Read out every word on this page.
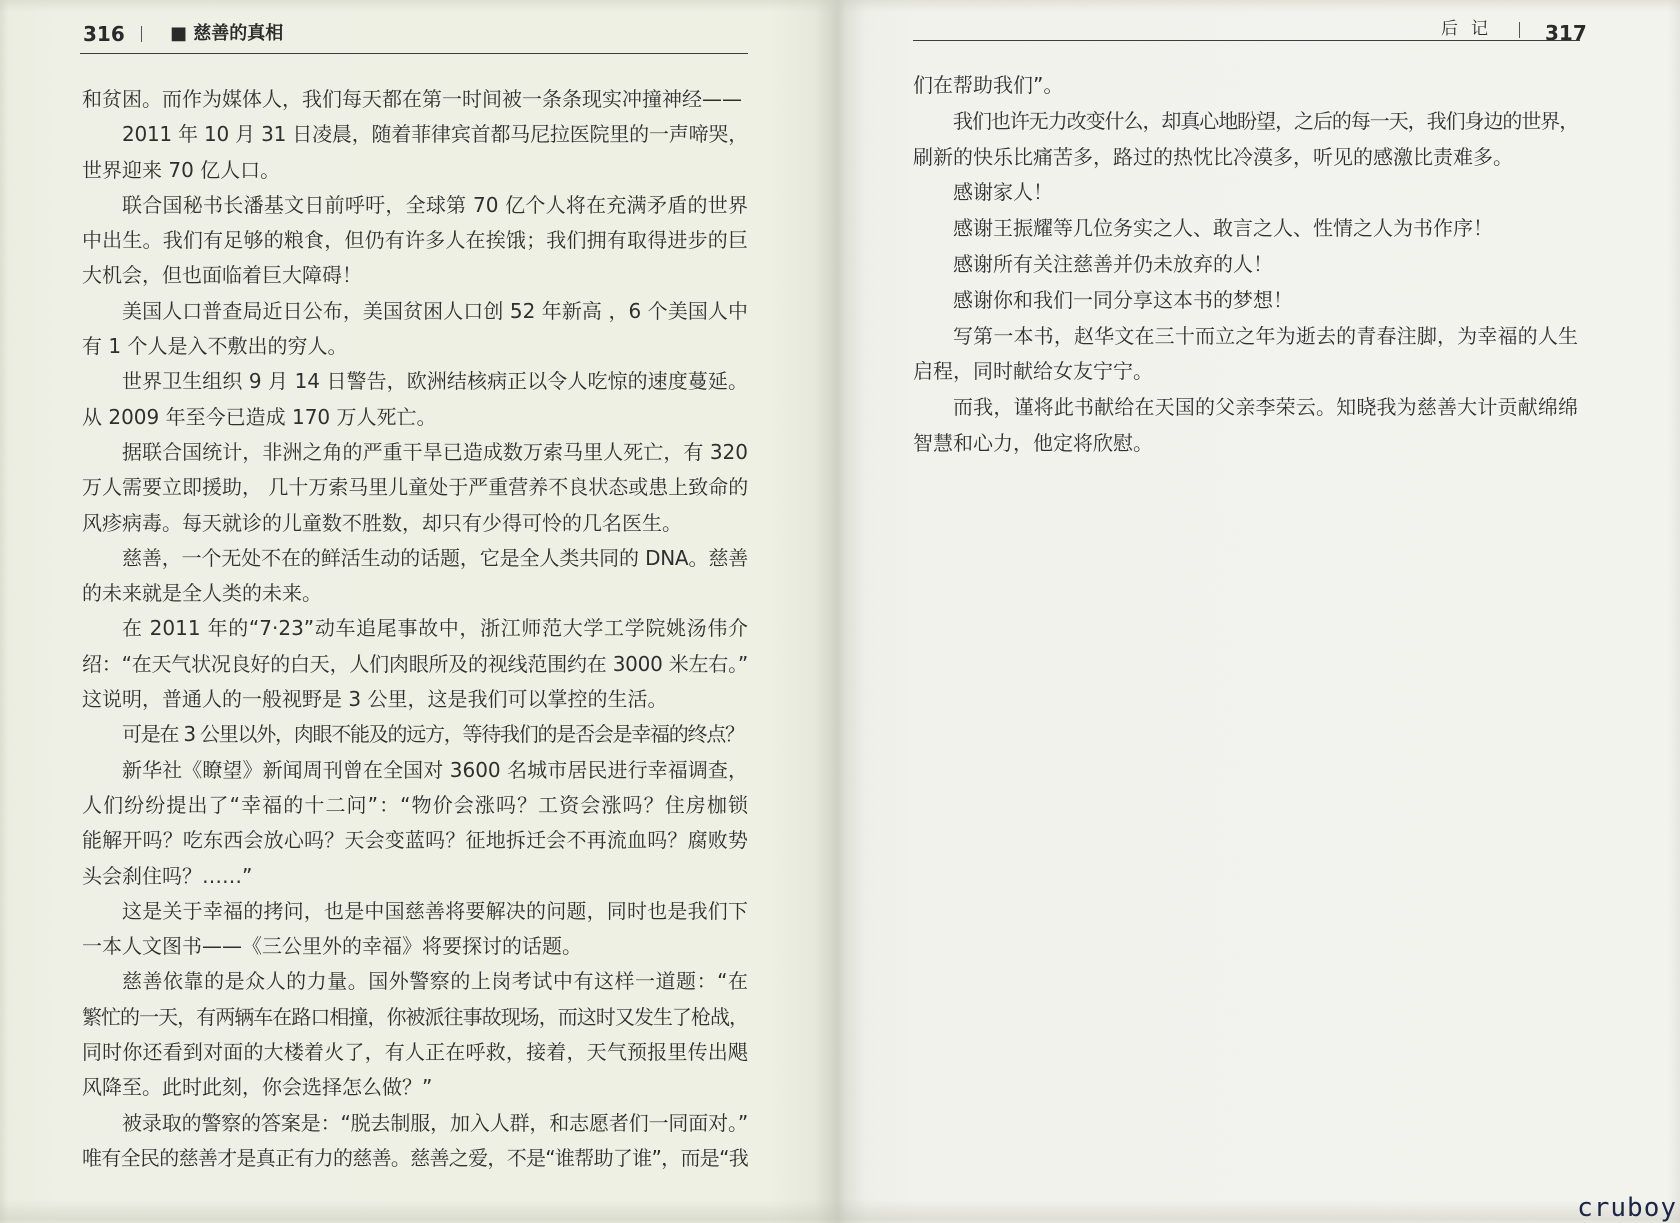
316	■ 慈善的真相
和贫困。而作为媒体人，我们每天都在第一时间被一条条现实冲撞神经——
2011 年 10 月 31 日凌晨，随着菲律宾首都马尼拉医院里的一声啼哭，
世界迎来 70 亿人口。
联合国秘书长潘基文日前呼吁，全球第 70 亿个人将在充满矛盾的世界
中出生。我们有足够的粮食，但仍有许多人在挨饿；我们拥有取得进步的巨
大机会，但也面临着巨大障碍！
美国人口普查局近日公布，美国贫困人口创 52 年新高 ，6 个美国人中
有 1 个人是入不敷出的穷人。
世界卫生组织 9 月 14 日警告，欧洲结核病正以令人吃惊的速度蔓延。
从 2009 年至今已造成 170 万人死亡。
据联合国统计，非洲之角的严重干旱已造成数万索马里人死亡，有 320
万人需要立即援助， 几十万索马里儿童处于严重营养不良状态或患上致命的
风疹病毒。每天就诊的儿童数不胜数，却只有少得可怜的几名医生。
慈善，一个无处不在的鲜活生动的话题，它是全人类共同的 DNA。慈善
的未来就是全人类的未来。
在 2011 年的“7·23”动车追尾事故中，浙江师范大学工学院姚汤伟介
绍：“在天气状况良好的白天，人们肉眼所及的视线范围约在 3000 米左右。”
这说明，普通人的一般视野是 3 公里，这是我们可以掌控的生活。
可是在 3 公里以外，肉眼不能及的远方，等待我们的是否会是幸福的终点？
新华社《瞭望》新闻周刊曾在全国对 3600 名城市居民进行幸福调查，
人们纷纷提出了“幸福的十二问”：“物价会涨吗？工资会涨吗？住房枷锁
能解开吗？吃东西会放心吗？天会变蓝吗？征地拆迁会不再流血吗？腐败势
头会刹住吗？……”
这是关于幸福的拷问，也是中国慈善将要解决的问题，同时也是我们下
一本人文图书——《三公里外的幸福》将要探讨的话题。
慈善依靠的是众人的力量。国外警察的上岗考试中有这样一道题：“在
繁忙的一天，有两辆车在路口相撞，你被派往事故现场，而这时又发生了枪战，
同时你还看到对面的大楼着火了，有人正在呼救，接着，天气预报里传出飓
风降至。此时此刻，你会选择怎么做？”
被录取的警察的答案是：“脱去制服，加入人群，和志愿者们一同面对。”
唯有全民的慈善才是真正有力的慈善。慈善之爱，不是“谁帮助了谁”，而是“我
后记 317
们在帮助我们”。
我们也许无力改变什么，却真心地盼望，之后的每一天，我们身边的世界，
刷新的快乐比痛苦多，路过的热忱比冷漠多，听见的感激比责难多。
感谢家人！
感谢王振耀等几位务实之人、敢言之人、性情之人为书作序！
感谢所有关注慈善并仍未放弃的人！
感谢你和我们一同分享这本书的梦想！
写第一本书，赵华文在三十而立之年为逝去的青春注脚，为幸福的人生
启程，同时献给女友宁宁。
而我，谨将此书献给在天国的父亲李荣云。知晓我为慈善大计贡献绵绵
智慧和心力，他定将欣慰。
cruboy
